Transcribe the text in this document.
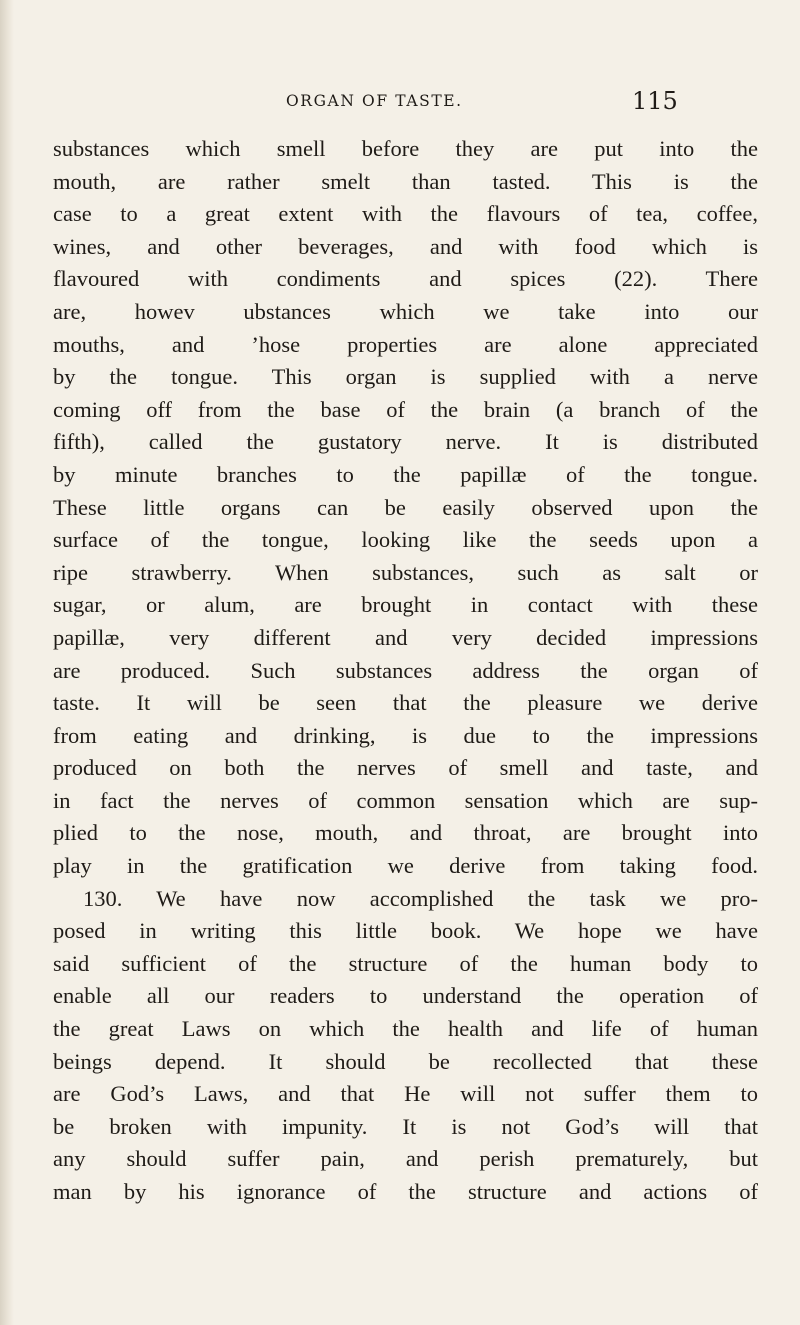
ORGAN OF TASTE.	115
substances which smell before they are put into the
mouth, are rather smelt than tasted. This is the
case to a great extent with the flavours of tea, coffee,
wines, and other beverages, and with food which is
flavoured with condiments and spices (22). There
are, howev ubstances which we take into our
mouths, and ’hose properties are alone appreciated
by the tongue. This organ is supplied with a nerve
coming off from the base of the brain (a branch of the
fifth), called the gustatory nerve. It is distributed
by minute branches to the papillæ of the tongue.
These little organs can be easily observed upon the
surface of the tongue, looking like the seeds upon a
ripe strawberry. When substances, such as salt or
sugar, or alum, are brought in contact with these
papillæ, very different and very decided impressions
are produced. Such substances address the organ of
taste. It will be seen that the pleasure we derive
from eating and drinking, is due to the impressions
produced on both the nerves of smell and taste, and
in fact the nerves of common sensation which are sup-
plied to the nose, mouth, and throat, are brought into
play in the gratification we derive from taking food.
130. We have now accomplished the task we pro-
posed in writing this little book. We hope we have
said sufficient of the structure of the human body to
enable all our readers to understand the operation of
the great Laws on which the health and life of human
beings depend. It should be recollected that these
are God’s Laws, and that He will not suffer them to
be broken with impunity. It is not God’s will that
any should suffer pain, and perish prematurely, but
man by his ignorance of the structure and actions of
